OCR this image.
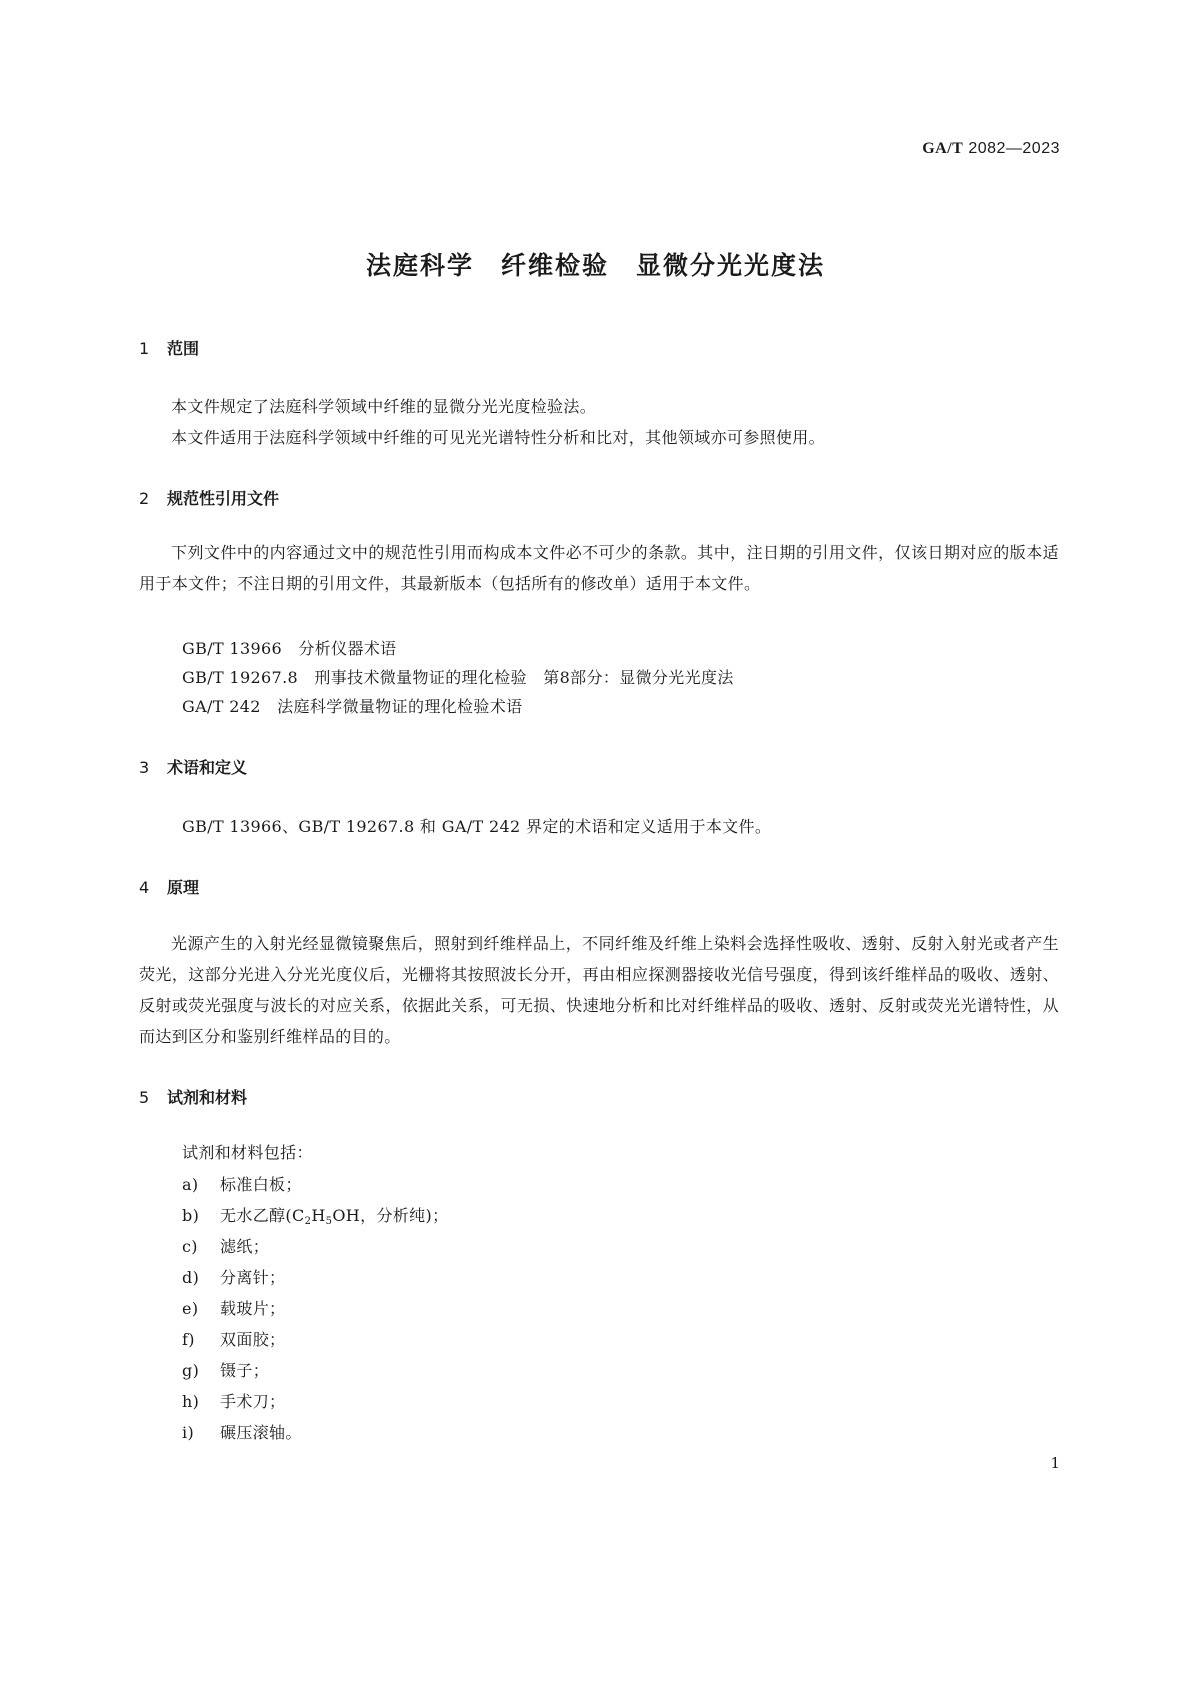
GA/T 2082—2023
法庭科学　纤维检验　显微分光光度法
1 范围
本文件规定了法庭科学领域中纤维的显微分光光度检验法。
本文件适用于法庭科学领域中纤维的可见光光谱特性分析和比对，其他领域亦可参照使用。
2 规范性引用文件
下列文件中的内容通过文中的规范性引用而构成本文件必不可少的条款。其中，注日期的引用文件，仅该日期对应的版本适用于本文件；不注日期的引用文件，其最新版本（包括所有的修改单）适用于本文件。
GB/T 13966　分析仪器术语
GB/T 19267.8　刑事技术微量物证的理化检验　第8部分：显微分光光度法
GA/T 242　法庭科学微量物证的理化检验术语
3 术语和定义
GB/T 13966、GB/T 19267.8 和 GA/T 242 界定的术语和定义适用于本文件。
4 原理
光源产生的入射光经显微镜聚焦后，照射到纤维样品上，不同纤维及纤维上染料会选择性吸收、透射、反射入射光或者产生荧光，这部分光进入分光光度仪后，光栅将其按照波长分开，再由相应探测器接收光信号强度，得到该纤维样品的吸收、透射、反射或荧光强度与波长的对应关系，依据此关系，可无损、快速地分析和比对纤维样品的吸收、透射、反射或荧光光谱特性，从而达到区分和鉴别纤维样品的目的。
5 试剂和材料
试剂和材料包括：
a) 标准白板；
b) 无水乙醇($C_2H_5OH$，分析纯)；
c) 滤纸；
d) 分离针；
e) 载玻片；
f) 双面胶；
g) 镊子；
h) 手术刀；
i) 碾压滚轴。
1
